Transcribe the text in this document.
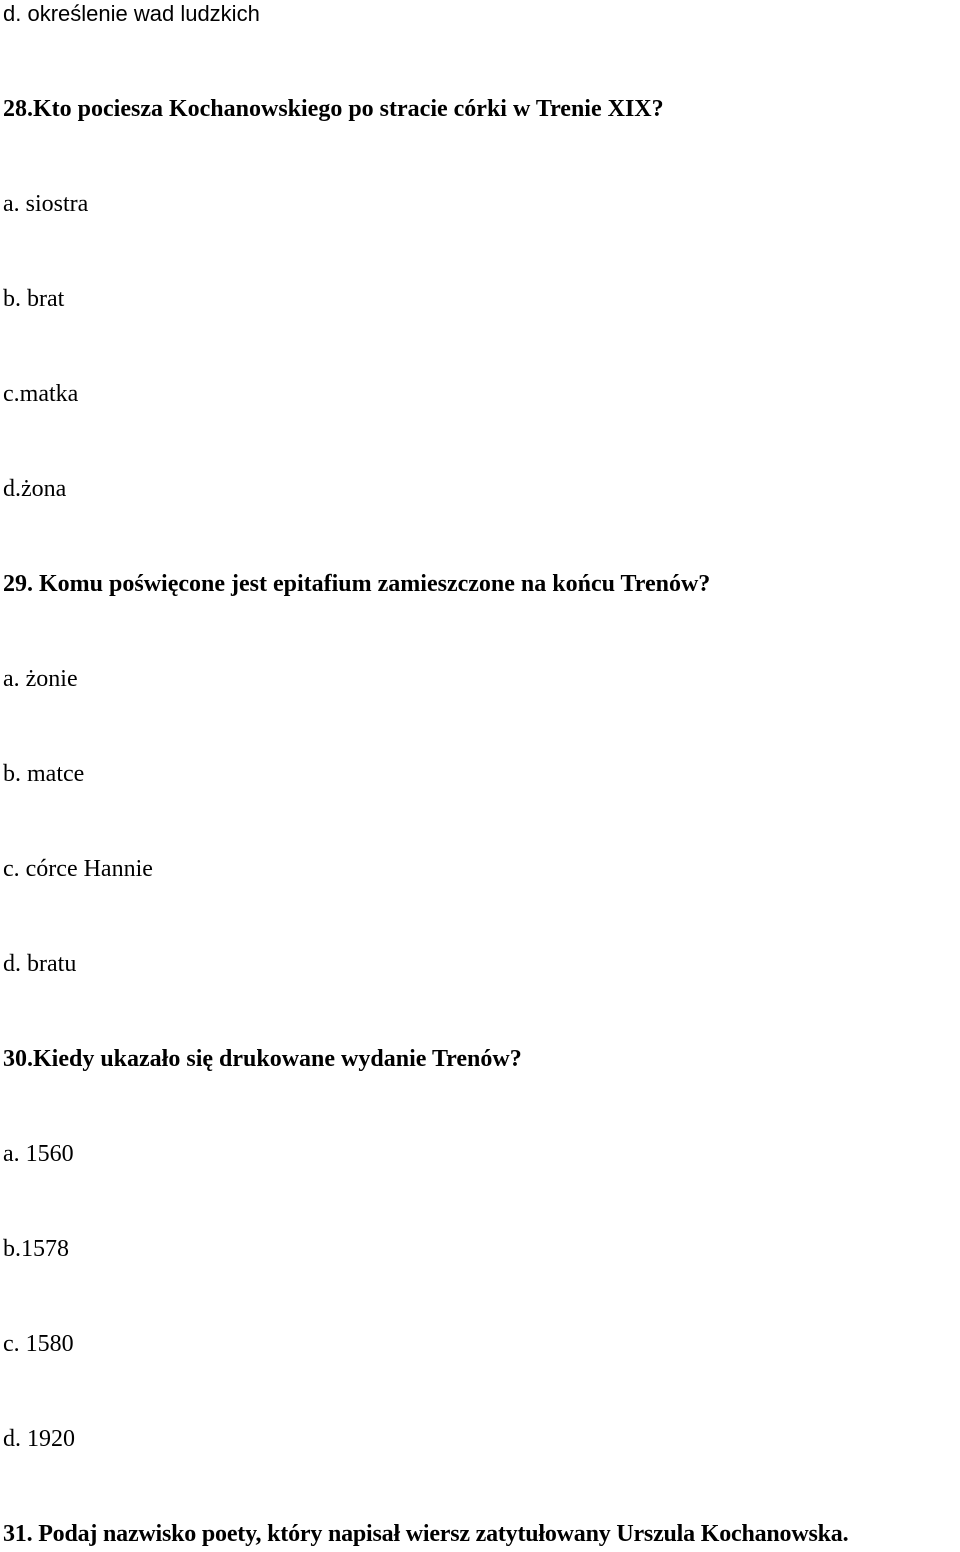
d. określenie wad ludzkich
28.Kto pociesza Kochanowskiego po stracie córki w Trenie XIX?
a. siostra
b. brat
c.matka
d.żona
29. Komu poświęcone jest epitafium zamieszczone na końcu Trenów?
a. żonie
b. matce
c. córce Hannie
d. bratu
30.Kiedy ukazało się drukowane wydanie Trenów?
a. 1560
b.1578
c. 1580
d. 1920
31. Podaj nazwisko poety, który napisał wiersz zatytułowany Urszula Kochanowska.
